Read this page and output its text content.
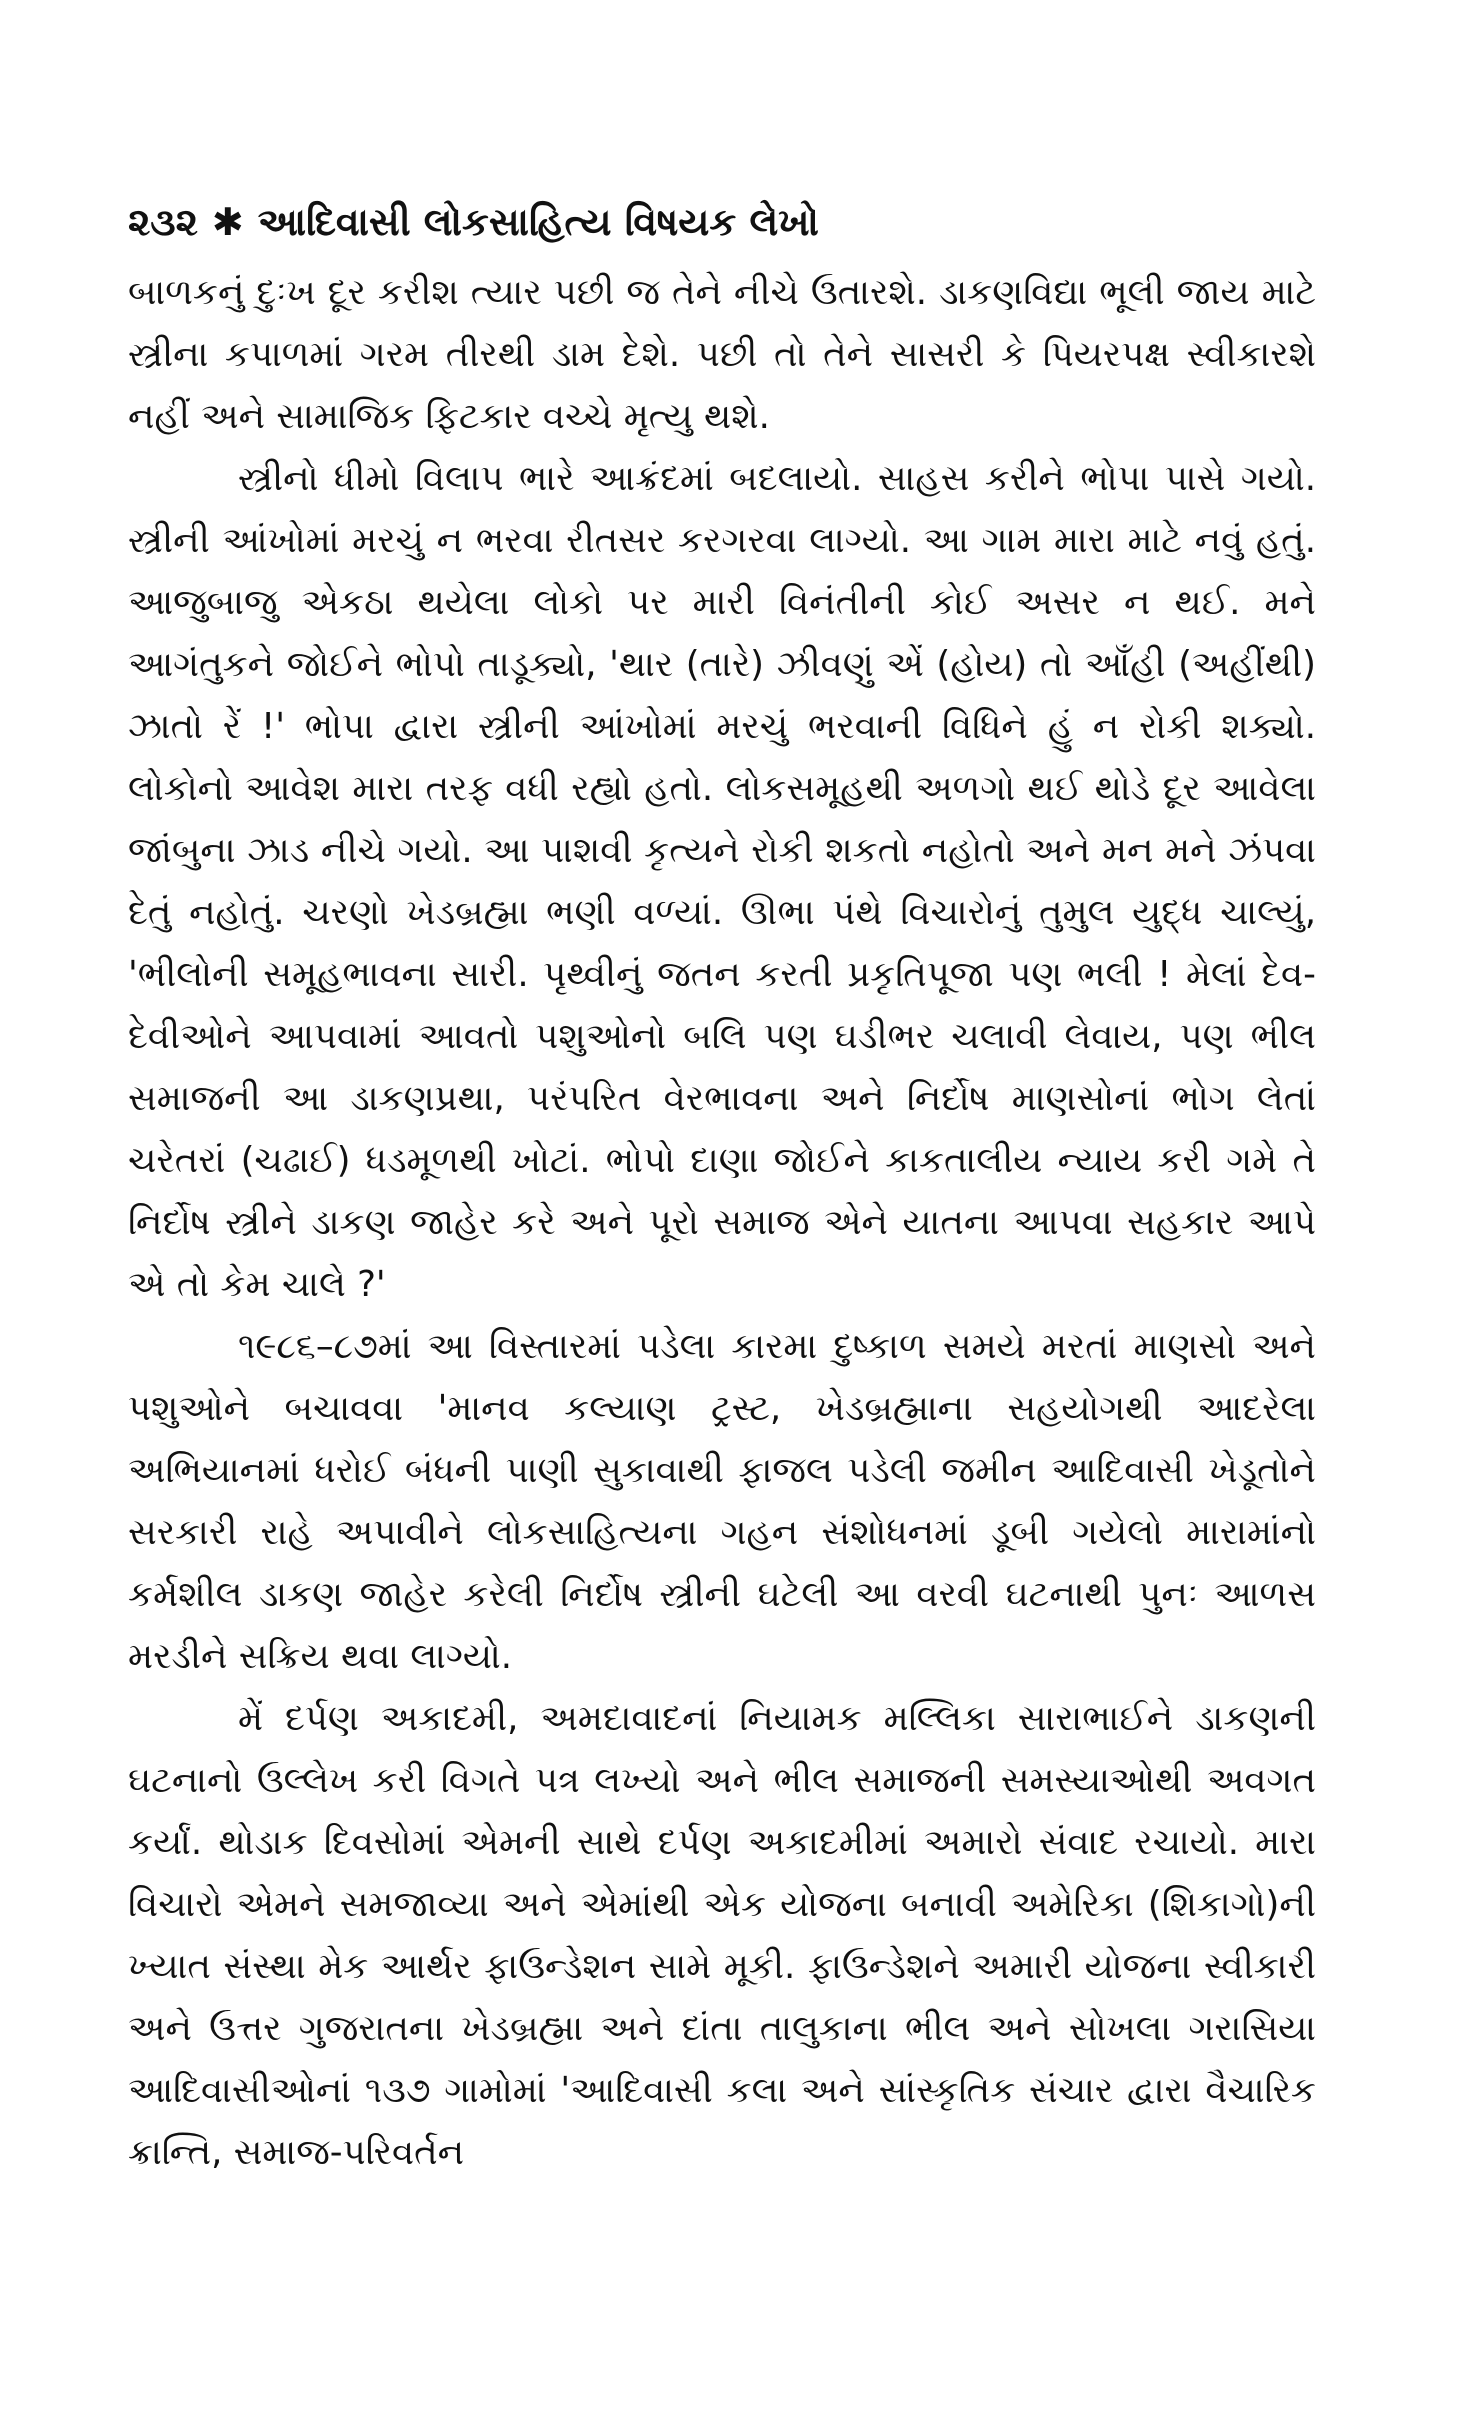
૨૩૨ ✱ આદિવાસી લોકસાહિત્ય વિષયક લેખો

બાળકનું દુઃખ દૂર કરીશ ત્યાર પછી જ તેને નીચે ઉતારશે. ડાકણવિદ્યા ભૂલી જાય માટે સ્ત્રીના કપાળમાં ગરમ તીરથી ડામ દેશે. પછી તો તેને સાસરી કે પિયરપક્ષ સ્વીકારશે નહીં અને સામાજિક ફિટકાર વચ્ચે મૃત્યુ થશે.

સ્ત્રીનો ધીમો વિલાપ ભારે આક્રંદમાં બદલાયો. સાહસ કરીને ભોપા પાસે ગયો. સ્ત્રીની આંખોમાં મરચું ન ભરવા રીતસર કરગરવા લાગ્યો. આ ગામ મારા માટે નવું હતું. આજુબાજુ એકઠા થયેલા લોકો પર મારી વિનંતીની કોઈ અસર ન થઈ. મને આગંતુકને જોઈને ભોપો તાડૂક્યો, 'થાર (તારે) ઝીવણું એં (હોય) તો આઁહી (અહીંથી) ઝાતો રેં !' ભોપા દ્વારા સ્ત્રીની આંખોમાં મરચું ભરવાની વિધિને હું ન રોકી શક્યો. લોકોનો આવેશ મારા તરફ વધી રહ્યો હતો. લોકસમૂહથી અળગો થઈ થોડે દૂર આવેલા જાંબુના ઝાડ નીચે ગયો. આ પાશવી કૃત્યને રોકી શકતો નહોતો અને મન મને ઝંપવા દેતું નહોતું. ચરણો ખેડબ્રહ્મા ભણી વળ્યાં. ઊભા પંથે વિચારોનું તુમુલ યુદ્ધ ચાલ્યું, 'ભીલોની સમૂહભાવના સારી. પૃથ્વીનું જતન કરતી પ્રકૃતિપૂજા પણ ભલી ! મેલાં દેવ-દેવીઓને આપવામાં આવતો પશુઓનો બલિ પણ ઘડીભર ચલાવી લેવાય, પણ ભીલ સમાજની આ ડાકણપ્રથા, પરંપરિત વેરભાવના અને નિર્દોષ માણસોનાં ભોગ લેતાં ચરેતરાં (ચઢાઈ) ધડમૂળથી ખોટાં. ભોપો દાણા જોઈને કાકતાલીય ન્યાય કરી ગમે તે નિર્દોષ સ્ત્રીને ડાકણ જાહેર કરે અને પૂરો સમાજ એને યાતના આપવા સહકાર આપે એ તો કેમ ચાલે ?'

૧૯૮૬–૮૭માં આ વિસ્તારમાં પડેલા કારમા દુષ્કાળ સમયે મરતાં માણસો અને પશુઓને બચાવવા 'માનવ કલ્યાણ ટ્રસ્ટ, ખેડબ્રહ્માના સહયોગથી આદરેલા અભિયાનમાં ધરોઈ બંધની પાણી સુકાવાથી ફાજલ પડેલી જમીન આદિવાસી ખેડૂતોને સરકારી રાહે અપાવીને લોકસાહિત્યના ગહન સંશોધનમાં ડૂબી ગયેલો મારામાંનો કર્મશીલ ડાકણ જાહેર કરેલી નિર્દોષ સ્ત્રીની ઘટેલી આ વરવી ઘટનાથી પુનઃ આળસ મરડીને સક્રિય થવા લાગ્યો.

મેં દર્પણ અકાદમી, અમદાવાદનાં નિયામક મલ્લિકા સારાભાઈને ડાકણની ઘટનાનો ઉલ્લેખ કરી વિગતે પત્ર લખ્યો અને ભીલ સમાજની સમસ્યાઓથી અવગત કર્યાં. થોડાક દિવસોમાં એમની સાથે દર્પણ અકાદમીમાં અમારો સંવાદ રચાયો. મારા વિચારો એમને સમજાવ્યા અને એમાંથી એક યોજના બનાવી અમેરિકા (શિકાગો)ની ખ્યાત સંસ્થા મેક આર્થર ફાઉન્ડેશન સામે મૂકી. ફાઉન્ડેશને અમારી યોજના સ્વીકારી અને ઉત્તર ગુજરાતના ખેડબ્રહ્મા અને દાંતા તાલુકાના ભીલ અને સોખલા ગરાસિયા આદિવાસીઓનાં ૧૩૭ ગામોમાં 'આદિવાસી કલા અને સાંસ્કૃતિક સંચાર દ્વારા વૈચારિક ક્રાન્તિ, સમાજ-પરિવર્તન
